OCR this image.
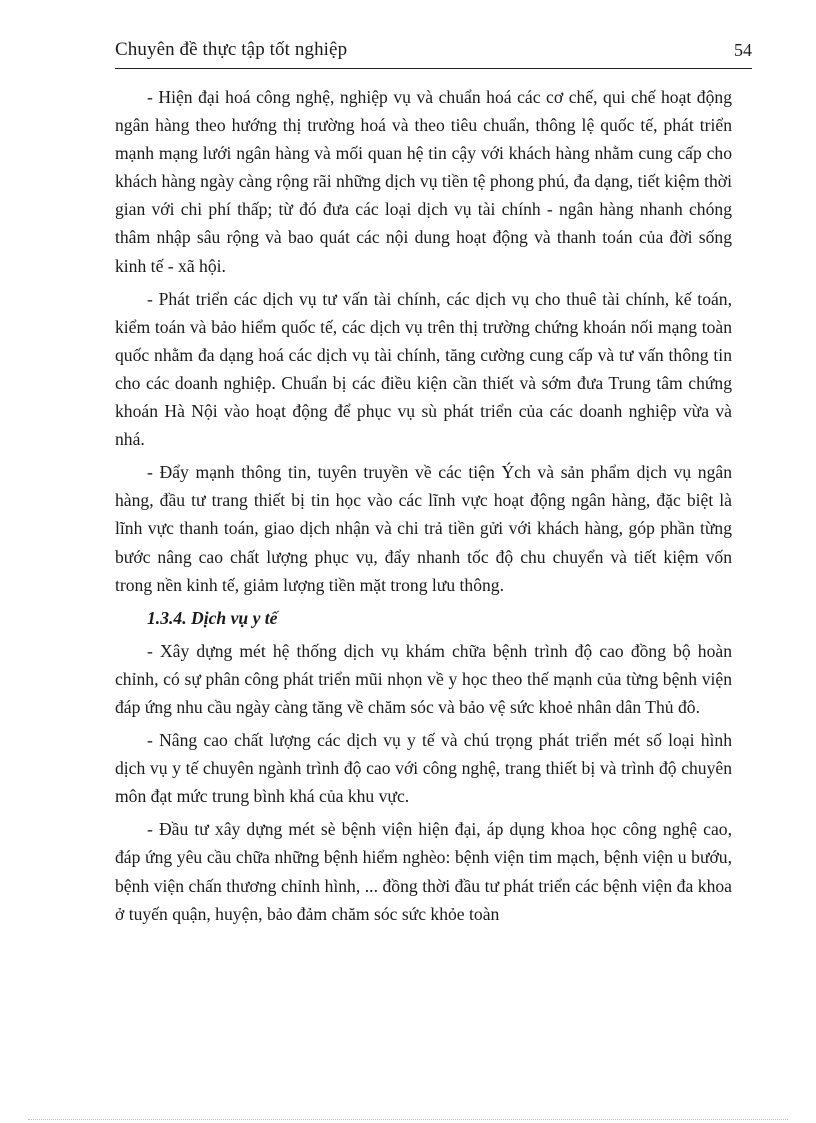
Chuyên đề thực tập tốt nghiệp	54

- Hiện đại hoá công nghệ, nghiệp vụ và chuẩn hoá các cơ chế, qui chế hoạt động ngân hàng theo hướng thị trường hoá và theo tiêu chuẩn, thông lệ quốc tế, phát triển mạnh mạng lưới ngân hàng và mối quan hệ tin cậy với khách hàng nhằm cung cấp cho khách hàng ngày càng rộng rãi những dịch vụ tiền tệ phong phú, đa dạng, tiết kiệm thời gian với chi phí thấp; từ đó đưa các loại dịch vụ tài chính - ngân hàng nhanh chóng thâm nhập sâu rộng và bao quát các nội dung hoạt động và thanh toán của đời sống kinh tế - xã hội.

- Phát triển các dịch vụ tư vấn tài chính, các dịch vụ cho thuê tài chính, kế toán, kiểm toán và bảo hiểm quốc tế, các dịch vụ trên thị trường chứng khoán nối mạng toàn quốc nhằm đa dạng hoá các dịch vụ tài chính, tăng cường cung cấp và tư vấn thông tin cho các doanh nghiệp. Chuẩn bị các điều kiện cần thiết và sớm đưa Trung tâm chứng khoán Hà Nội vào hoạt động để phục vụ sù phát triển của các doanh nghiệp vừa và nhá.

- Đẩy mạnh thông tin, tuyên truyền về các tiện Ých và sản phẩm dịch vụ ngân hàng, đầu tư trang thiết bị tin học vào các lĩnh vực hoạt động ngân hàng, đặc biệt là lĩnh vực thanh toán, giao dịch nhận và chi trả tiền gửi với khách hàng, góp phần từng bước nâng cao chất lượng phục vụ, đẩy nhanh tốc độ chu chuyển và tiết kiệm vốn trong nền kinh tế, giảm lượng tiền mặt trong lưu thông.

1.3.4. Dịch vụ y tế

- Xây dựng mét hệ thống dịch vụ khám chữa bệnh trình độ cao đồng bộ hoàn chỉnh, có sự phân công phát triển mũi nhọn về y học theo thế mạnh của từng bệnh viện đáp ứng nhu cầu ngày càng tăng về chăm sóc và bảo vệ sức khoẻ nhân dân Thủ đô.

- Nâng cao chất lượng các dịch vụ y tế và chú trọng phát triển mét số loại hình dịch vụ y tế chuyên ngành trình độ cao với công nghệ, trang thiết bị và trình độ chuyên môn đạt mức trung bình khá của khu vực.

- Đầu tư xây dựng mét sè bệnh viện hiện đại, áp dụng khoa học công nghệ cao, đáp ứng yêu cầu chữa những bệnh hiểm nghèo: bệnh viện tim mạch, bệnh viện u bướu, bệnh viện chấn thương chỉnh hình, ... đồng thời đầu tư phát triển các bệnh viện đa khoa ở tuyến quận, huyện, bảo đảm chăm sóc sức khỏe toàn
